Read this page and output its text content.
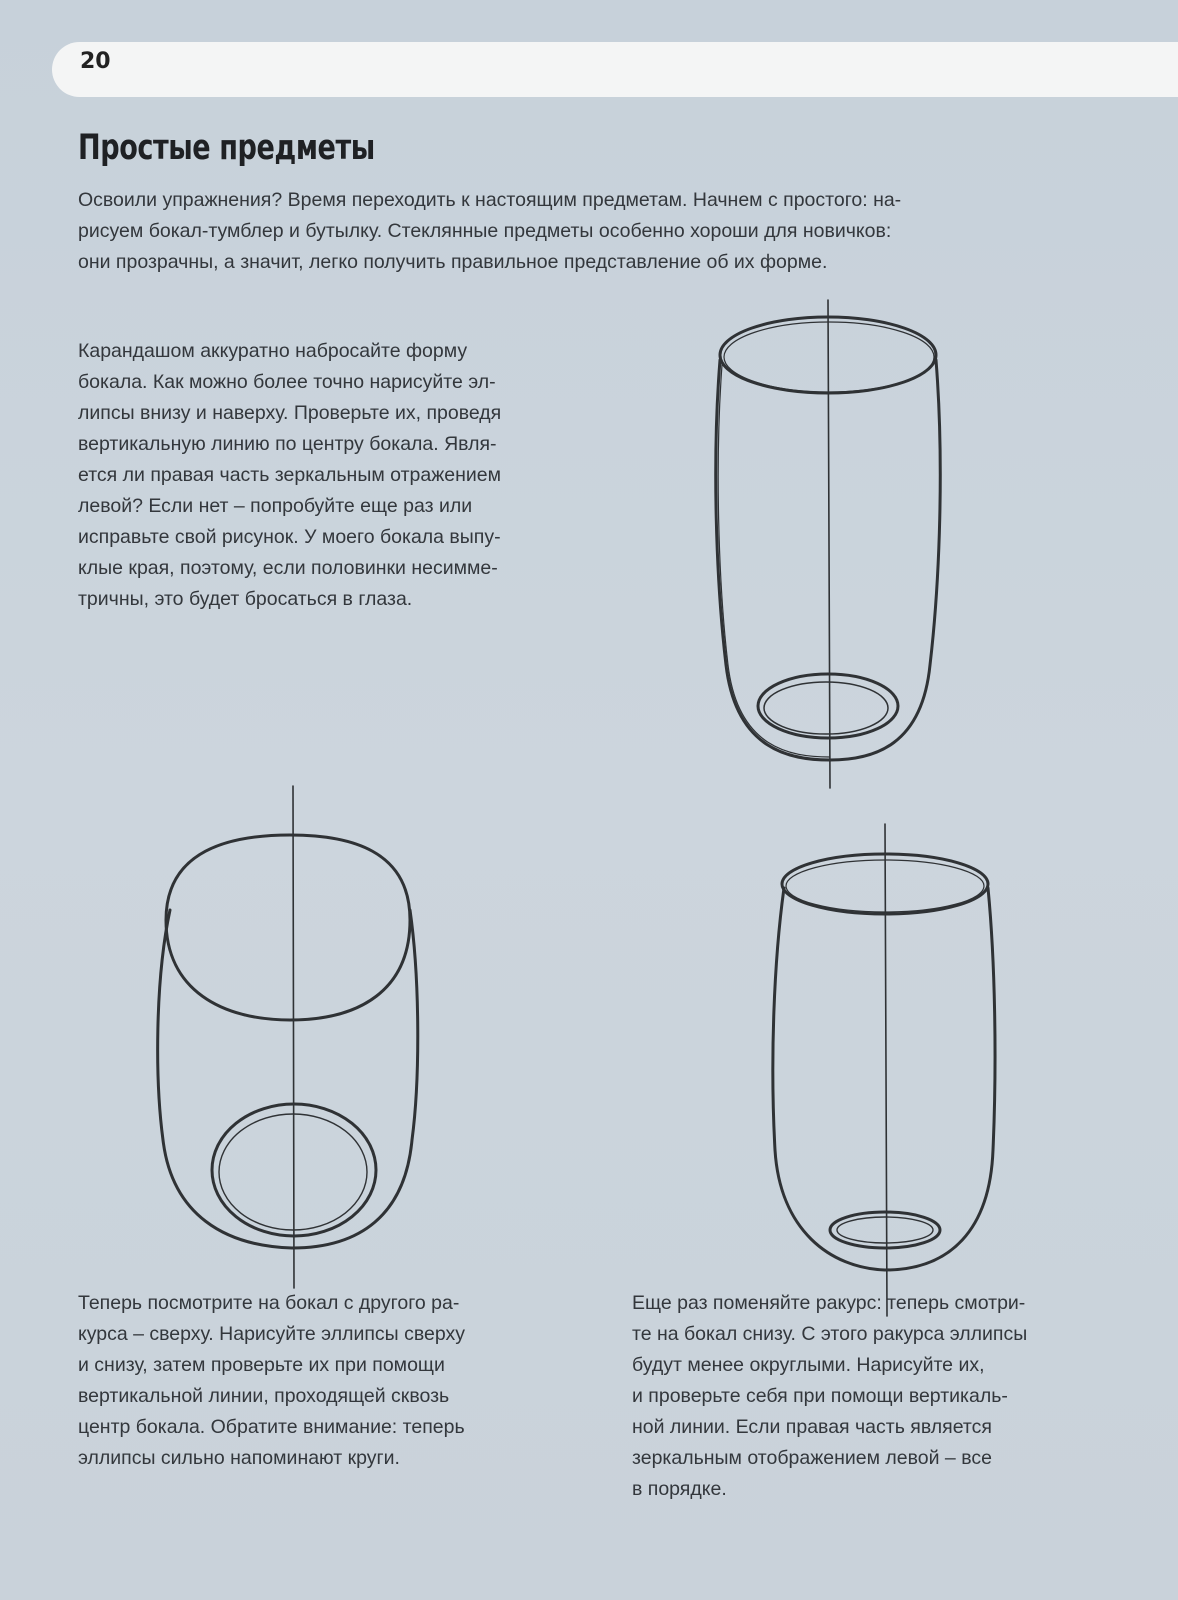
20
Простые предметы

Освоили упражнения? Время переходить к настоящим предметам. Начнем с простого: на-
рисуем бокал-тумблер и бутылку. Стеклянные предметы особенно хороши для новичков:
они прозрачны, а значит, легко получить правильное представление об их форме.

Карандашом аккуратно набросайте форму
бокала. Как можно более точно нарисуйте эл-
липсы внизу и наверху. Проверьте их, проведя
вертикальную линию по центру бокала. Явля-
ется ли правая часть зеркальным отражением
левой? Если нет – попробуйте еще раз или
исправьте свой рисунок. У моего бокала выпу-
клые края, поэтому, если половинки несимме-
тричны, это будет бросаться в глаза.

Теперь посмотрите на бокал с другого ра-
курса – сверху. Нарисуйте эллипсы сверху
и снизу, затем проверьте их при помощи
вертикальной линии, проходящей сквозь
центр бокала. Обратите внимание: теперь
эллипсы сильно напоминают круги.

Еще раз поменяйте ракурс: теперь смотри-
те на бокал снизу. С этого ракурса эллипсы
будут менее округлыми. Нарисуйте их,
и проверьте себя при помощи вертикаль-
ной линии. Если правая часть является
зеркальным отображением левой – все
в порядке.
